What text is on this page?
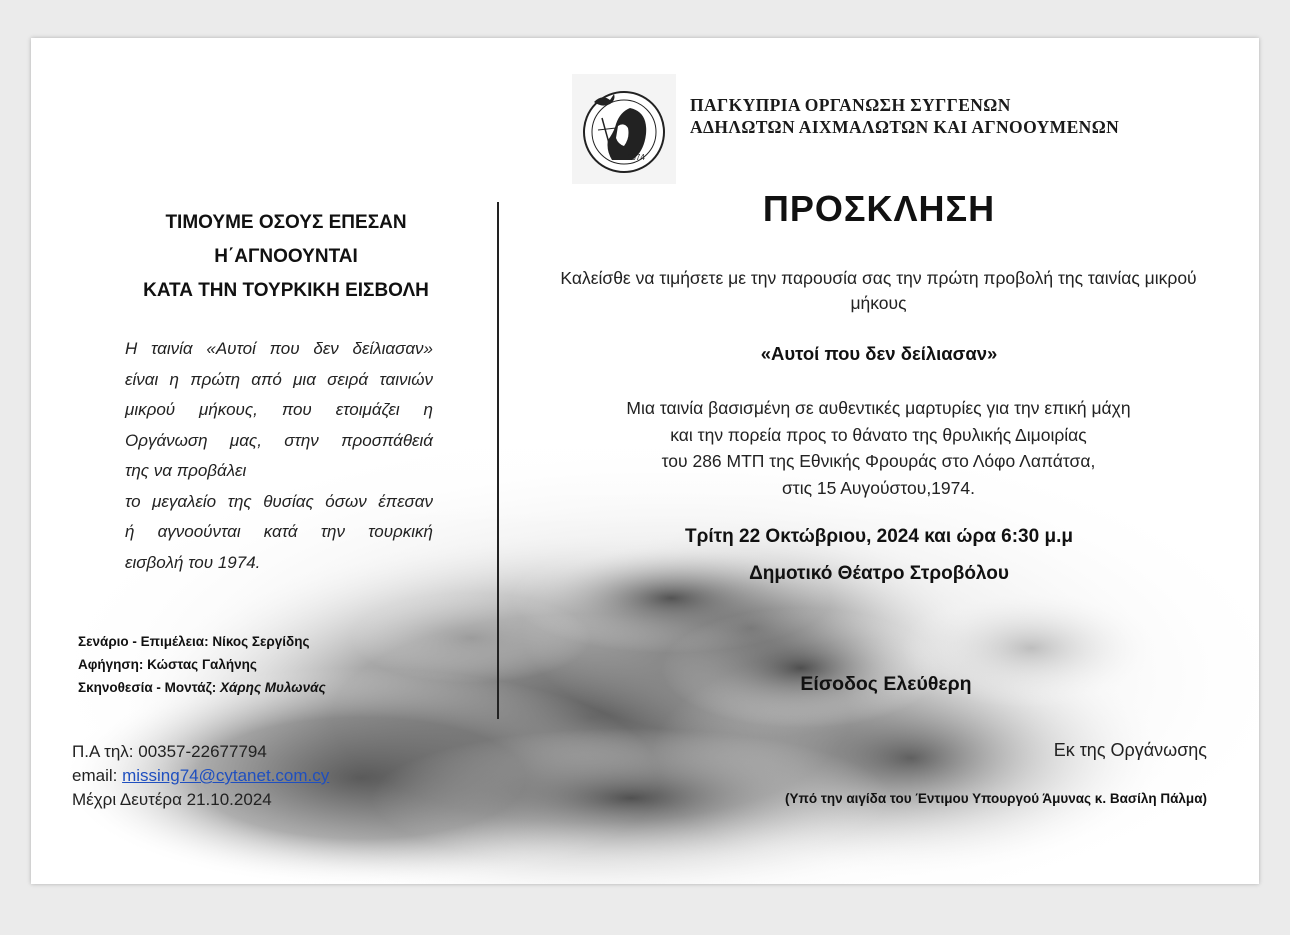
1974
ΠΑΓΚΥΠΡΙΑ ΟΡΓΑΝΩΣΗ ΣΥΓΓΕΝΩΝ
ΑΔΗΛΩΤΩΝ ΑΙΧΜΑΛΩΤΩΝ ΚΑΙ ΑΓΝΟΟΥΜΕΝΩΝ
ΤΙΜΟΥΜΕ ΟΣΟΥΣ ΕΠΕΣΑΝ
Η΄ΑΓΝΟΟΥΝΤΑΙ
ΚΑΤΑ ΤΗΝ ΤΟΥΡΚΙΚΗ ΕΙΣΒΟΛΗ
Η ταινία «Αυτοί που δεν δείλιασαν»
είναι η πρώτη από μια σειρά ταινιών
μικρού μήκους, που ετοιμάζει η
Οργάνωση μας, στην προσπάθειά
της να προβάλει
το μεγαλείο της θυσίας όσων έπεσαν
ή αγνοούνται κατά την τουρκική
εισβολή του 1974.
Σενάριο - Επιμέλεια: Νίκος Σεργίδης
Αφήγηση: Κώστας Γαλήνης
Σκηνοθεσία - Μοντάζ: Χάρης Μυλωνάς
Π.Α τηλ: 00357-22677794
email: missing74@cytanet.com.cy
Μέχρι Δευτέρα 21.10.2024
ΠΡΟΣΚΛΗΣΗ
Καλείσθε να τιμήσετε με την παρουσία σας την πρώτη προβολή της ταινίας μικρού μήκους
«Αυτοί που δεν δείλιασαν»
Μια ταινία βασισμένη σε αυθεντικές μαρτυρίες για την επική μάχη
και την πορεία προς το θάνατο της θρυλικής Διμοιρίας
του 286 ΜΤΠ της Εθνικής Φρουράς στο Λόφο Λαπάτσα,
στις 15 Αυγούστου,1974.
Τρίτη 22 Οκτώβριου, 2024 και ώρα 6:30 μ.μ
Δημοτικό Θέατρο Στροβόλου
Είσοδος Ελεύθερη
Εκ της Οργάνωσης
(Υπό την αιγίδα του Έντιμου Υπουργού Άμυνας κ. Βασίλη Πάλμα)
